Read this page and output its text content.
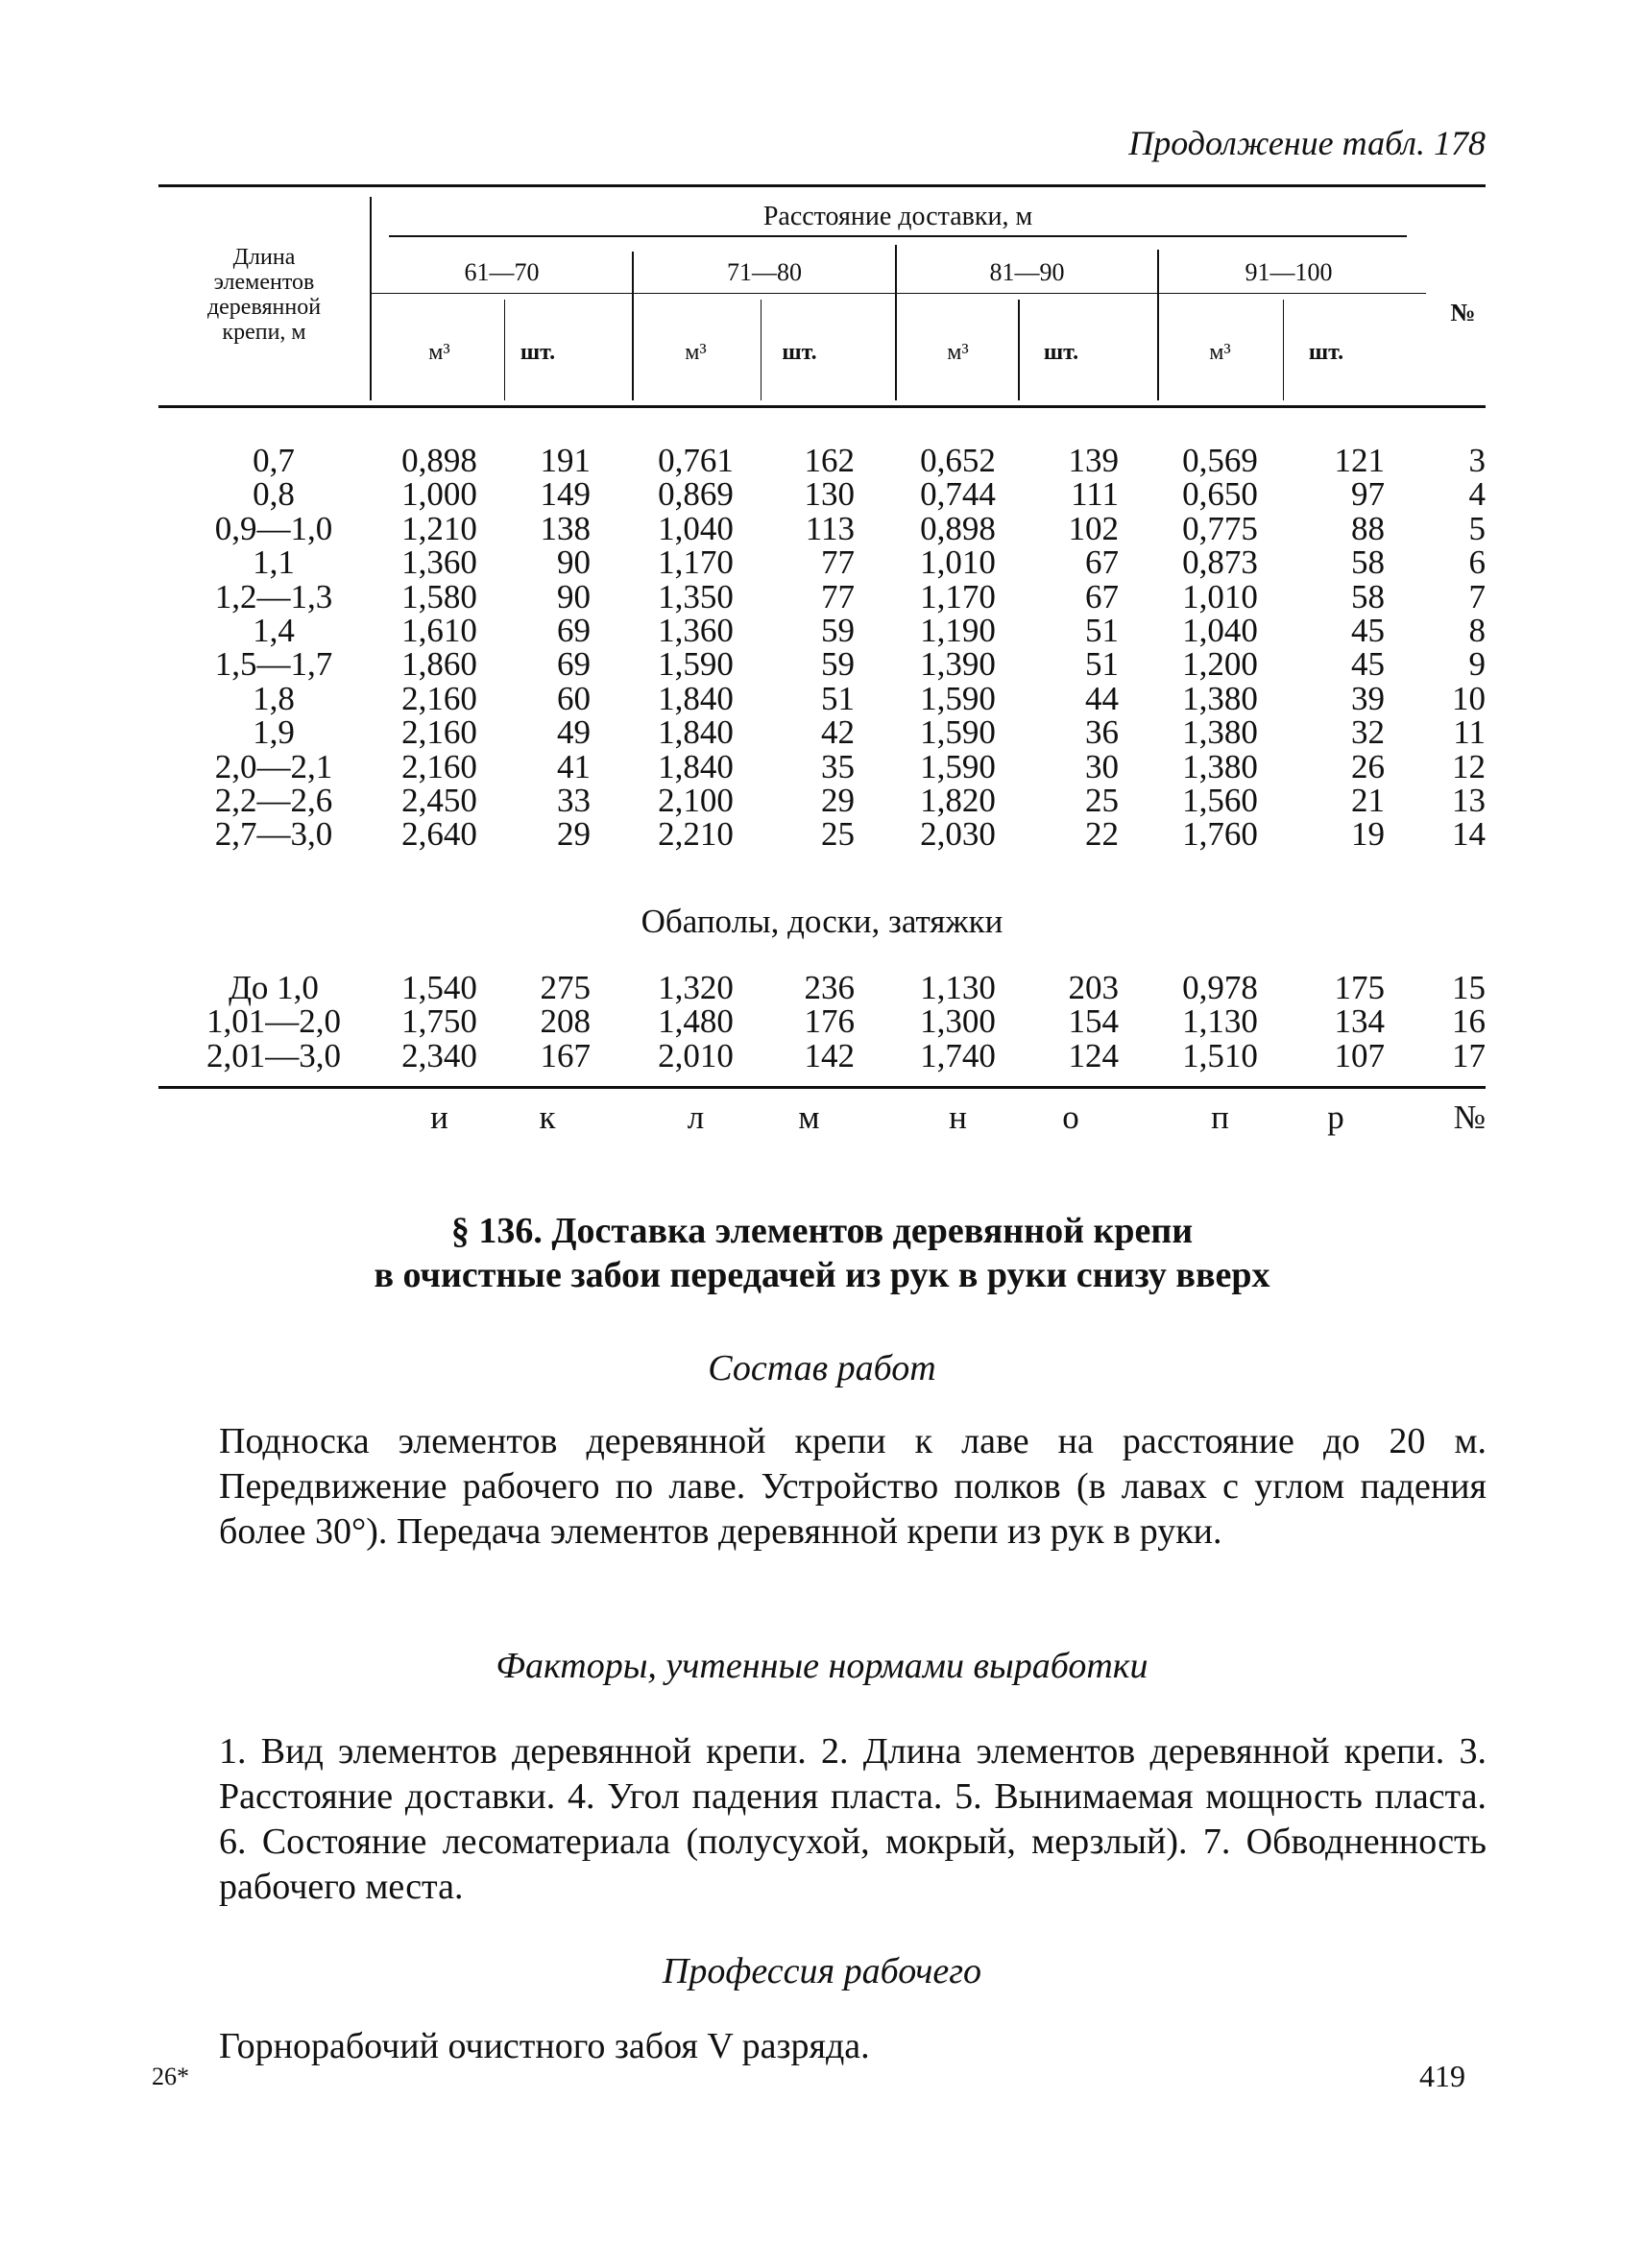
Продолжение табл. 178
Длина
элементов
деревянной
крепи, м
Расстояние доставки, м
61—70	71—80	81—90	91—100
№
м³	шт.	м³	шт.	м³	шт.	м³	шт.
0,7	0,898	191	0,761	162	0,652	139	0,569	121	3
0,8	1,000	149	0,869	130	0,744	111	0,650	97	4
0,9—1,0	1,210	138	1,040	113	0,898	102	0,775	88	5
1,1	1,360	90	1,170	77	1,010	67	0,873	58	6
1,2—1,3	1,580	90	1,350	77	1,170	67	1,010	58	7
1,4	1,610	69	1,360	59	1,190	51	1,040	45	8
1,5—1,7	1,860	69	1,590	59	1,390	51	1,200	45	9
1,8	2,160	60	1,840	51	1,590	44	1,380	39	10
1,9	2,160	49	1,840	42	1,590	36	1,380	32	11
2,0—2,1	2,160	41	1,840	35	1,590	30	1,380	26	12
2,2—2,6	2,450	33	2,100	29	1,820	25	1,560	21	13
2,7—3,0	2,640	29	2,210	25	2,030	22	1,760	19	14
Обаполы, доски, затяжки
До 1,0	1,540	275	1,320	236	1,130	203	0,978	175	15
1,01—2,0	1,750	208	1,480	176	1,300	154	1,130	134	16
2,01—3,0	2,340	167	2,010	142	1,740	124	1,510	107	17
и	к	л	м	н	о	п	р	№
§ 136. Доставка элементов деревянной крепи
в очистные забои передачей из рук в руки снизу вверх
Состав работ
Подноска элементов деревянной крепи к лаве на расстояние до 20 м. Передвижение рабочего по лаве. Устройство полков (в лавах с углом падения более 30°). Передача элементов деревянной крепи из рук в руки.
Факторы, учтенные нормами выработки
1. Вид элементов деревянной крепи. 2. Длина элементов деревянной крепи. 3. Расстояние доставки. 4. Угол падения пласта. 5. Вынимаемая мощность пласта. 6. Состояние лесоматериала (полусухой, мокрый, мерзлый). 7. Обводненность рабочего места.
Профессия рабочего
Горнорабочий очистного забоя V разряда.
26*	419
